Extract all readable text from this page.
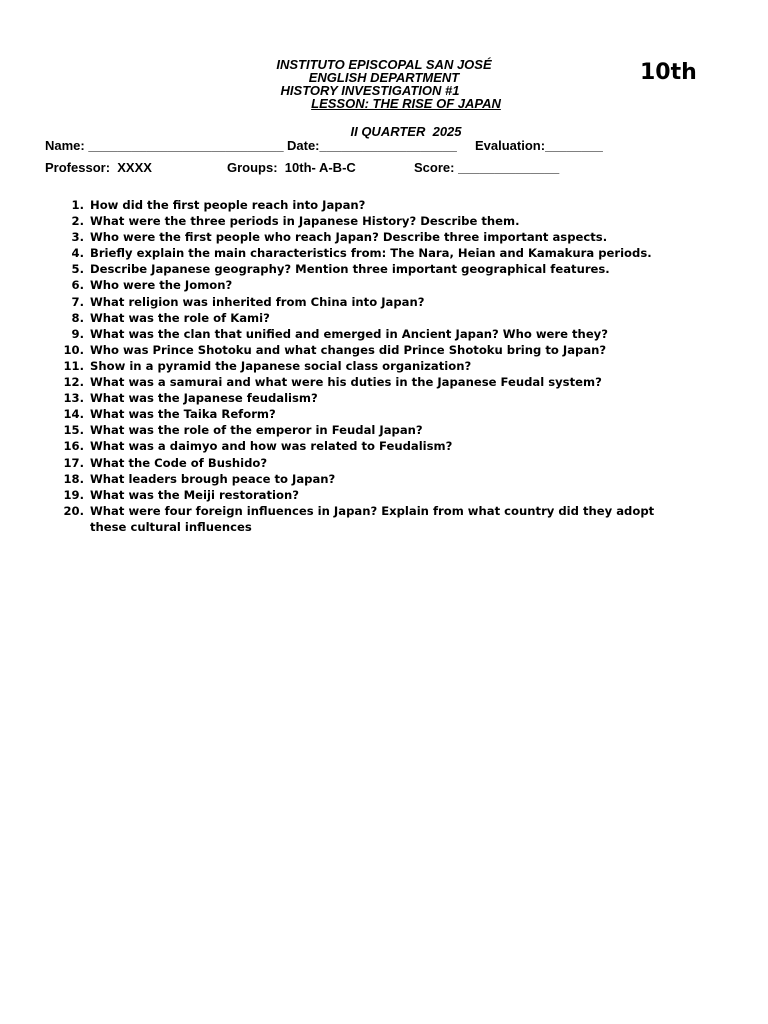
INSTITUTO EPISCOPAL SAN JOSÉ

ENGLISH DEPARTMENT

HISTORY INVESTIGATION #1

LESSON: THE RISE OF JAPAN

10th
II QUARTER  2025
Name: ___________________________ Date:___________________ Evaluation:________
Professor:  XXXX	Groups:  10th- A-B-C	Score: ______________
1. How did the first people reach into Japan?
2. What were the three periods in Japanese History? Describe them.
3. Who were the first people who reach Japan? Describe three important aspects.
4. Briefly explain the main characteristics from: The Nara, Heian and Kamakura periods.
5. Describe Japanese geography? Mention three important geographical features.
6. Who were the Jomon?
7. What religion was inherited from China into Japan?
8. What was the role of Kami?
9. What was the clan that unified and emerged in Ancient Japan? Who were they?
10. Who was Prince Shotoku and what changes did Prince Shotoku bring to Japan?
11. Show in a pyramid the Japanese social class organization?
12. What was a samurai and what were his duties in the Japanese Feudal system?
13. What was the Japanese feudalism?
14. What was the Taika Reform?
15. What was the role of the emperor in Feudal Japan?
16. What was a daimyo and how was related to Feudalism?
17. What the Code of Bushido?
18. What leaders brough peace to Japan?
19. What was the Meiji restoration?
20. What were four foreign influences in Japan? Explain from what country did they adopt these cultural influences
